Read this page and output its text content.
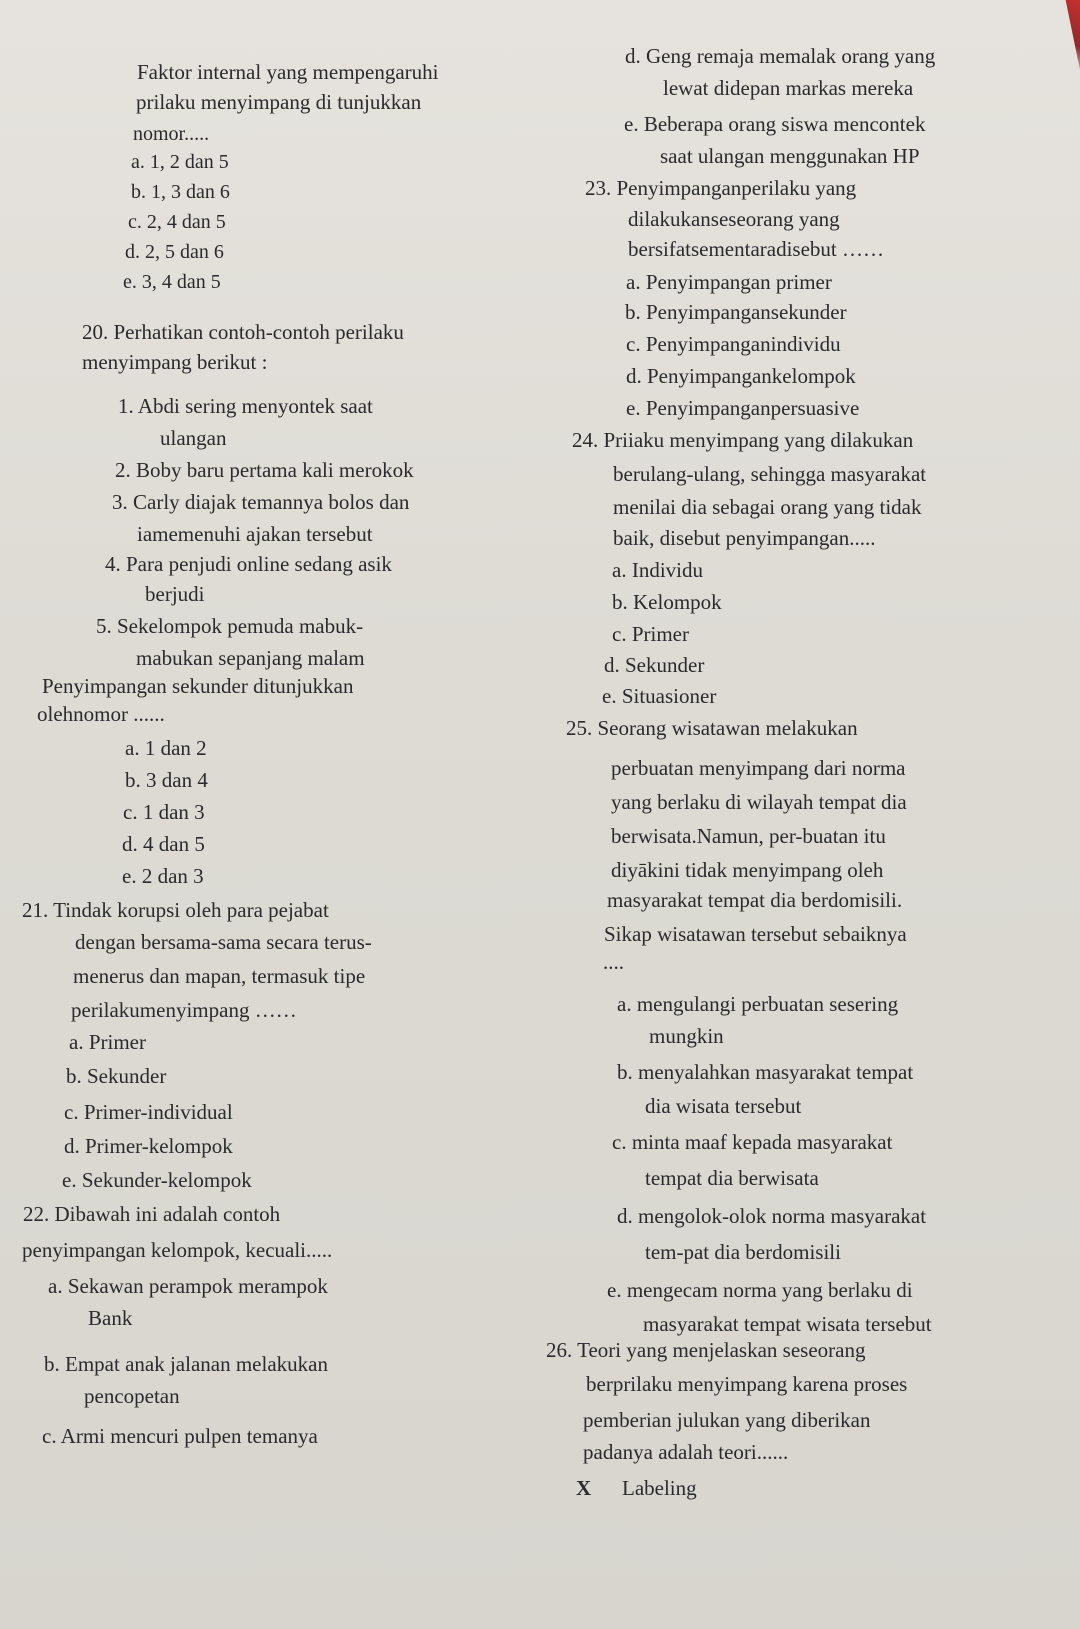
Faktor internal yang mempengaruhi
prilaku menyimpang di tunjukkan
nomor.....
a. 1, 2 dan 5
b. 1, 3 dan 6
c. 2, 4 dan 5
d. 2, 5 dan 6
e. 3, 4 dan 5
20. Perhatikan contoh-contoh perilaku
menyimpang berikut :
1. Abdi sering menyontek saat
ulangan
2. Boby baru pertama kali merokok
3. Carly diajak temannya bolos dan
iamemenuhi ajakan tersebut
4. Para penjudi online sedang asik
berjudi
5. Sekelompok pemuda mabuk-
mabukan sepanjang malam
Penyimpangan sekunder ditunjukkan
olehnomor ......
a. 1 dan 2
b. 3 dan 4
c. 1 dan 3
d. 4 dan 5
e. 2 dan 3
21. Tindak korupsi oleh para pejabat
dengan bersama-sama secara terus-
menerus dan mapan, termasuk tipe
perilakumenyimpang ……
a. Primer
b. Sekunder
c. Primer-individual
d. Primer-kelompok
e. Sekunder-kelompok
22. Dibawah ini adalah contoh
penyimpangan kelompok, kecuali.....
a. Sekawan perampok merampok
Bank
b. Empat anak jalanan melakukan
pencopetan
c. Armi mencuri pulpen temanya
d. Geng remaja memalak orang yang
lewat didepan markas mereka
e. Beberapa orang siswa mencontek
saat ulangan menggunakan HP
23. Penyimpanganperilaku yang
dilakukanseseorang yang
bersifatsementaradisebut ……
a. Penyimpangan primer
b. Penyimpangansekunder
c. Penyimpanganindividu
d. Penyimpangankelompok
e. Penyimpanganpersuasive
24. Priiaku menyimpang yang dilakukan
berulang-ulang, sehingga masyarakat
menilai dia sebagai orang yang tidak
baik, disebut penyimpangan.....
a. Individu
b. Kelompok
c. Primer
d. Sekunder
e. Situasioner
25. Seorang wisatawan melakukan
perbuatan menyimpang dari norma
yang berlaku di wilayah tempat dia
berwisata.Namun, per-buatan itu
diyākini tidak menyimpang oleh
masyarakat tempat dia berdomisili.
Sikap wisatawan tersebut sebaiknya
....
a. mengulangi perbuatan sesering
mungkin
b. menyalahkan masyarakat tempat
dia wisata tersebut
c. minta maaf kepada masyarakat
tempat dia berwisata
d. mengolok-olok norma masyarakat
tem-pat dia berdomisili
e. mengecam norma yang berlaku di
masyarakat tempat wisata tersebut
26. Teori yang menjelaskan seseorang
berprilaku menyimpang karena proses
pemberian julukan yang diberikan
padanya adalah teori......
X Labeling
